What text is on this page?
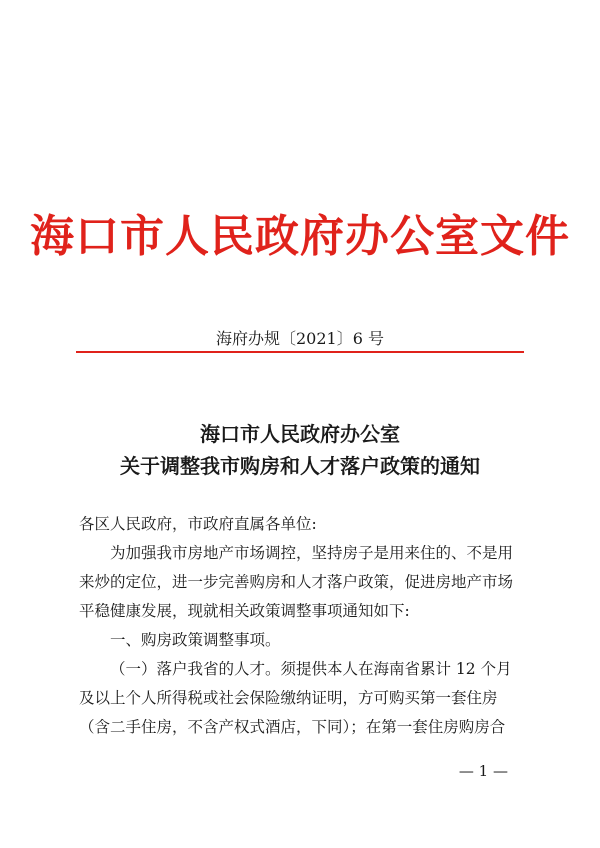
海口市人民政府办公室文件
海府办规〔2021〕6 号
海口市人民政府办公室
关于调整我市购房和人才落户政策的通知
各区人民政府，市政府直属各单位:
为加强我市房地产市场调控，坚持房子是用来住的、不是用
来炒的定位，进一步完善购房和人才落户政策，促进房地产市场
平稳健康发展，现就相关政策调整事项通知如下:
一、购房政策调整事项。
（一）落户我省的人才。须提供本人在海南省累计 12 个月
及以上个人所得税或社会保险缴纳证明，方可购买第一套住房
（含二手住房，不含产权式酒店，下同）；在第一套住房购房合
— 1 —
